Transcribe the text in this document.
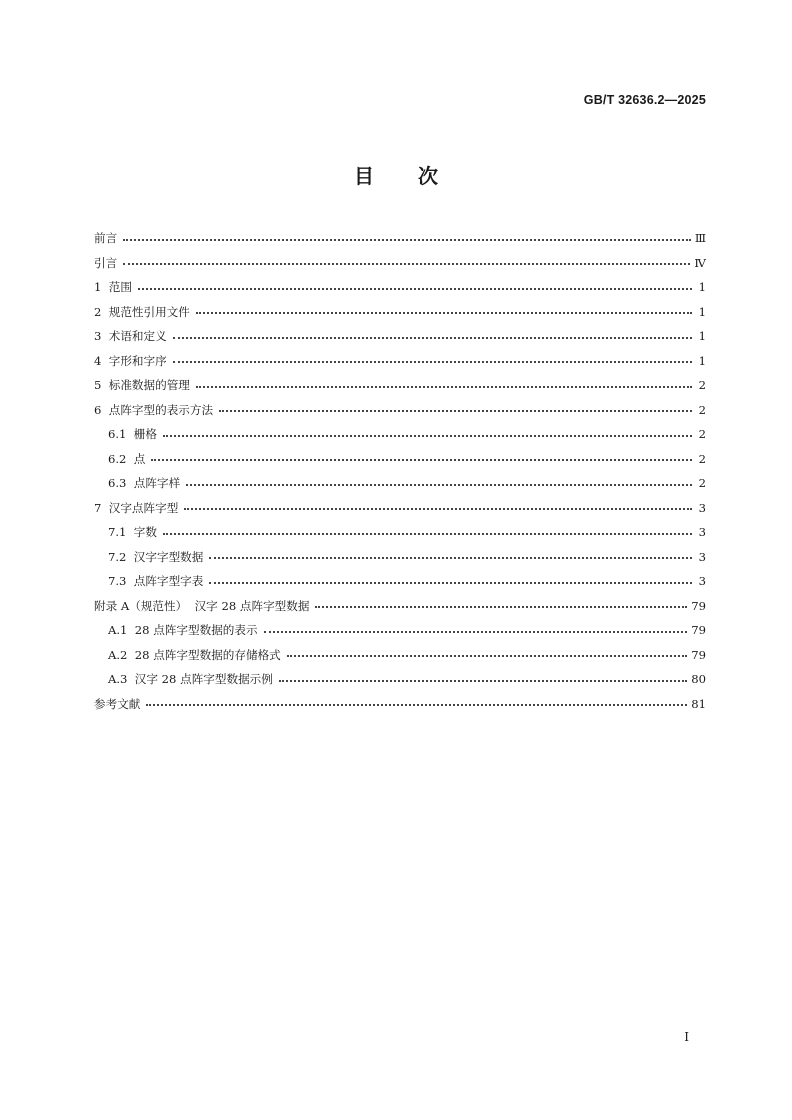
GB/T 32636.2—2025
目次
前言	Ⅲ
引言	Ⅳ
1  范围	1
2  规范性引用文件	1
3  术语和定义	1
4  字形和字序	1
5  标准数据的管理	2
6  点阵字型的表示方法	2
6.1  栅格	2
6.2  点	2
6.3  点阵字样	2
7  汉字点阵字型	3
7.1  字数	3
7.2  汉字字型数据	3
7.3  点阵字型字表	3
附录 A（规范性）  汉字 28 点阵字型数据	79
A.1  28 点阵字型数据的表示	79
A.2  28 点阵字型数据的存储格式	79
A.3  汉字 28 点阵字型数据示例	80
参考文献	81
I
